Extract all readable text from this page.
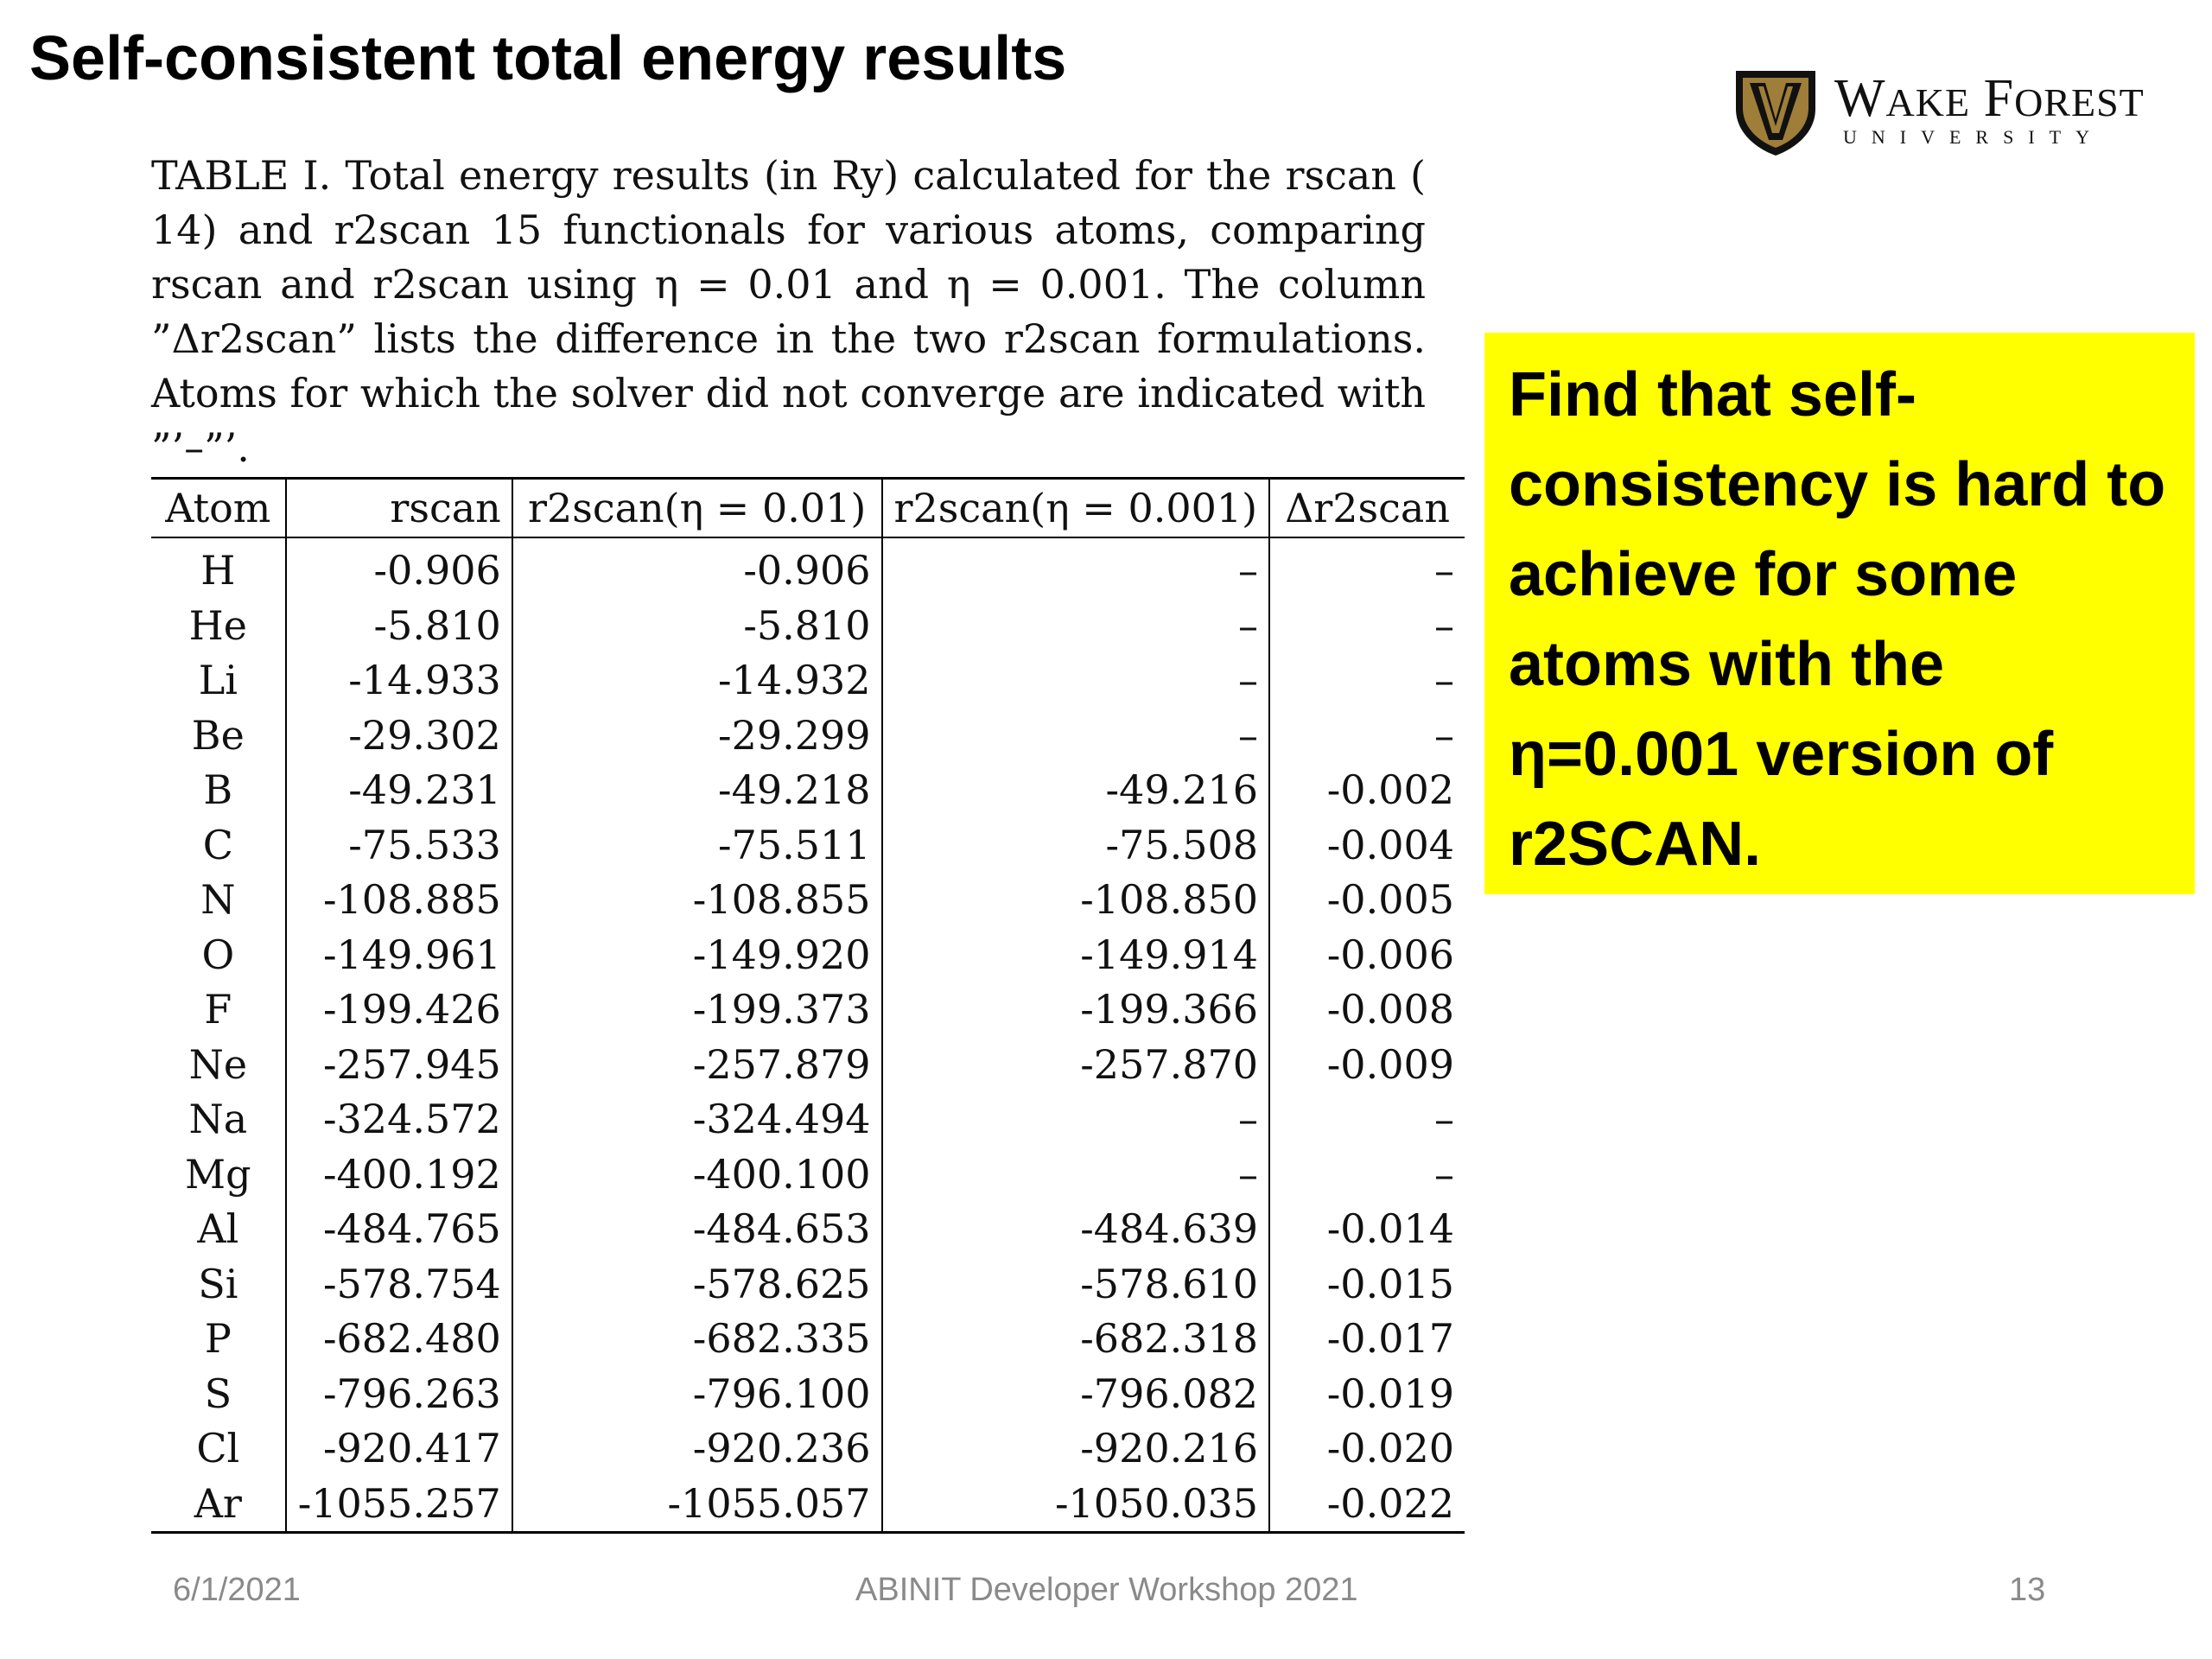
Self-consistent total energy results
WAKE FOREST
UNIVERSITY
TABLE I. Total energy results (in Ry) calculated for the rscan ( 14) and r2scan 15 functionals for various atoms, comparing rscan and r2scan using η = 0.01 and η = 0.001. The column ”Δr2scan” lists the difference in the two r2scan formulations. Atoms for which the solver did not converge are indicated with ”’–”’.
Atom	rscan	r2scan(η = 0.01)	r2scan(η = 0.001)	Δr2scan
H	-0.906	-0.906	–	–
He	-5.810	-5.810	–	–
Li	-14.933	-14.932	–	–
Be	-29.302	-29.299	–	–
B	-49.231	-49.218	-49.216	-0.002
C	-75.533	-75.511	-75.508	-0.004
N	-108.885	-108.855	-108.850	-0.005
O	-149.961	-149.920	-149.914	-0.006
F	-199.426	-199.373	-199.366	-0.008
Ne	-257.945	-257.879	-257.870	-0.009
Na	-324.572	-324.494	–	–
Mg	-400.192	-400.100	–	–
Al	-484.765	-484.653	-484.639	-0.014
Si	-578.754	-578.625	-578.610	-0.015
P	-682.480	-682.335	-682.318	-0.017
S	-796.263	-796.100	-796.082	-0.019
Cl	-920.417	-920.236	-920.216	-0.020
Ar	-1055.257	-1055.057	-1050.035	-0.022
Find that self-consistency is hard to achieve for some atoms with the η=0.001 version of r2SCAN.
6/1/2021	ABINIT Developer Workshop 2021	13
